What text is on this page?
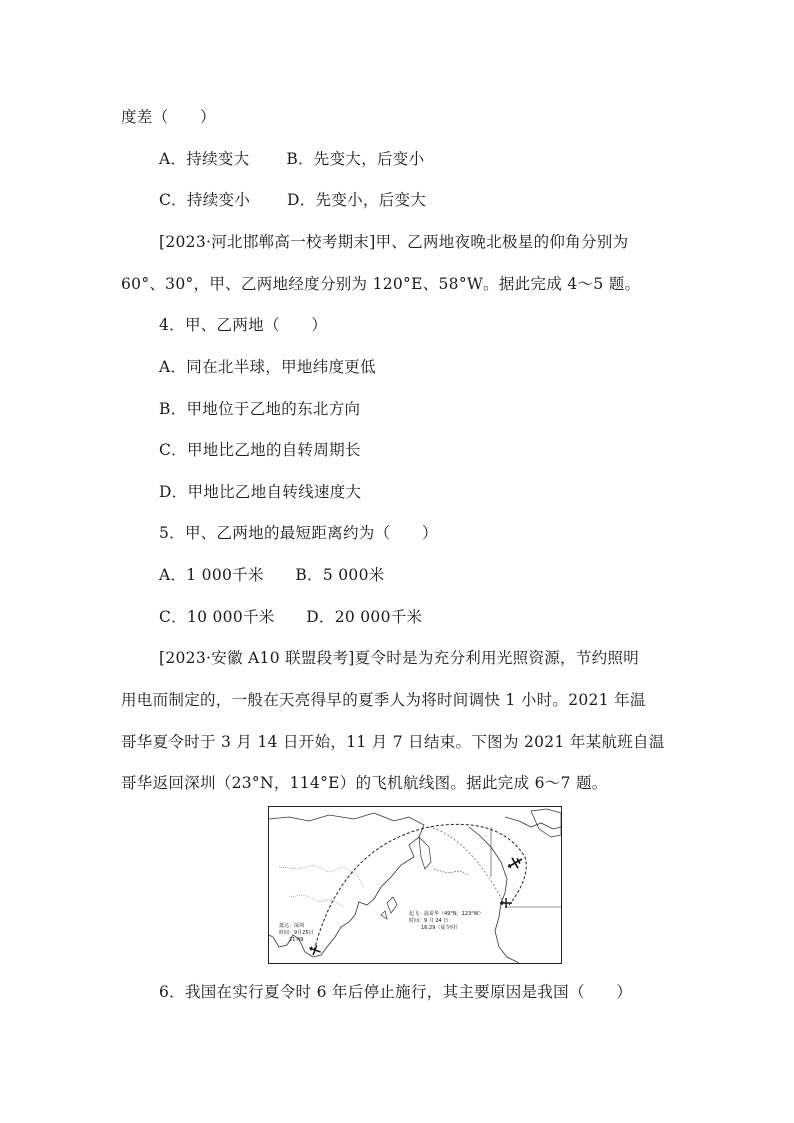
度差（　　）
A．持续变大　　 B．先变大，后变小
C．持续变小　　 D．先变小，后变大
[2023·河北邯郸高一校考期末]甲、乙两地夜晚北极星的仰角分别为
60°、30°，甲、乙两地经度分别为 120°E、58°W。据此完成 4～5 题。
4．甲、乙两地（　　）
A．同在北半球，甲地纬度更低
B．甲地位于乙地的东北方向
C．甲地比乙地的自转周期长
D．甲地比乙地自转线速度大
5．甲、乙两地的最短距离约为（　　）
A．1 000千米　　B．5 000米
C．10 000千米　　D．20 000千米
[2023·安徽 A10 联盟段考]夏令时是为充分利用光照资源，节约照明
用电而制定的，一般在天亮得早的夏季人为将时间调快 1 小时。2021 年温
哥华夏令时于 3 月 14 日开始，11 月 7 日结束。下图为 2021 年某航班自温
哥华返回深圳（23°N，114°E）的飞机航线图。据此完成 6～7 题。
起飞：温哥华（49°N，123°W）
时间：9 月 24 日
16:29（夏令时）
抵达：深圳
时间：9月25日
21:49
6．我国在实行夏令时 6 年后停止施行，其主要原因是我国（　　）
